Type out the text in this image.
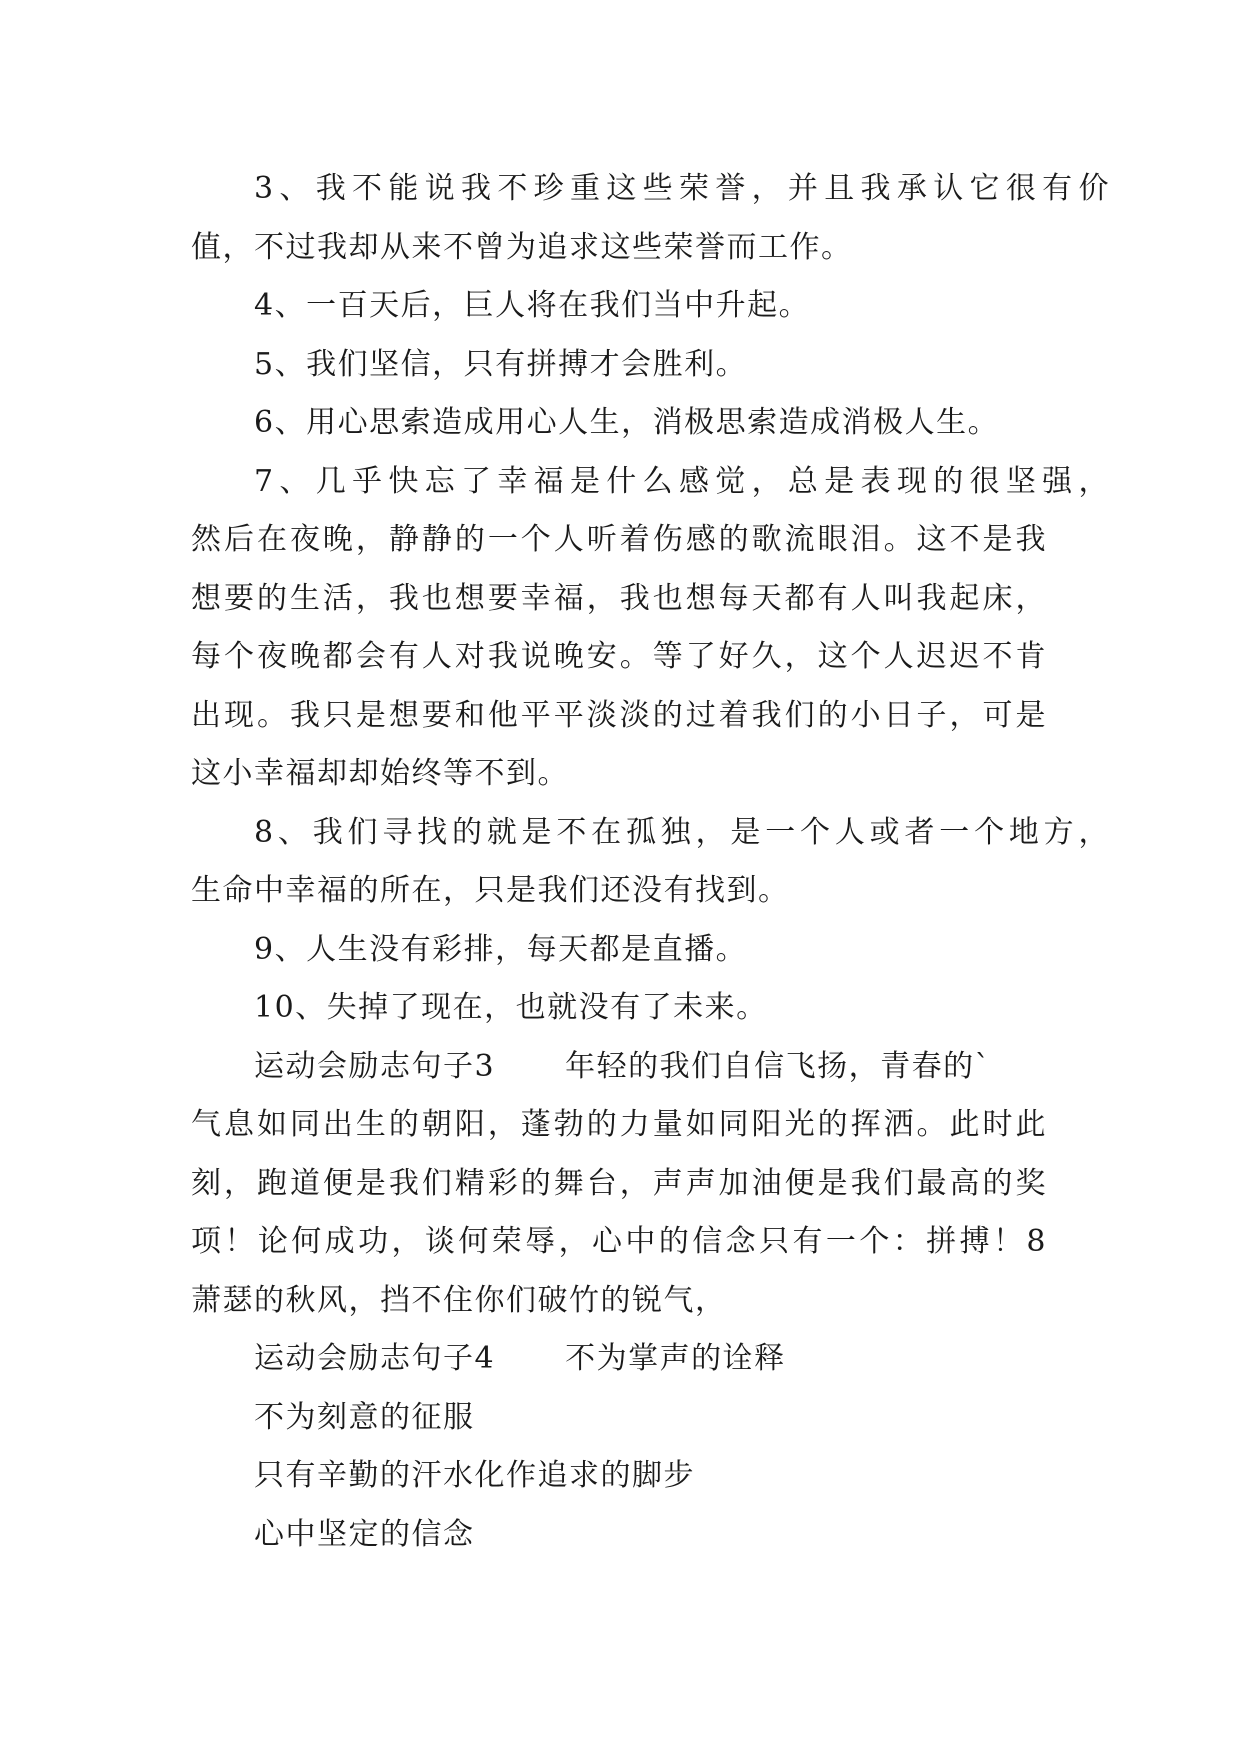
3、我不能说我不珍重这些荣誉，并且我承认它很有价
值，不过我却从来不曾为追求这些荣誉而工作。
4、一百天后，巨人将在我们当中升起。
5、我们坚信，只有拼搏才会胜利。
6、用心思索造成用心人生，消极思索造成消极人生。
7、几乎快忘了幸福是什么感觉，总是表现的很坚强，
然后在夜晚，静静的一个人听着伤感的歌流眼泪。这不是我
想要的生活，我也想要幸福，我也想每天都有人叫我起床，
每个夜晚都会有人对我说晚安。等了好久，这个人迟迟不肯
出现。我只是想要和他平平淡淡的过着我们的小日子，可是
这小幸福却却始终等不到。
8、我们寻找的就是不在孤独，是一个人或者一个地方，
生命中幸福的所在，只是我们还没有找到。
9、人生没有彩排，每天都是直播。
10、失掉了现在，也就没有了未来。
运动会励志句子3 年轻的我们自信飞扬，青春的`
气息如同出生的朝阳，蓬勃的力量如同阳光的挥洒。此时此
刻，跑道便是我们精彩的舞台，声声加油便是我们最高的奖
项！论何成功，谈何荣辱，心中的信念只有一个：拼搏！8
萧瑟的秋风，挡不住你们破竹的锐气，
运动会励志句子4 不为掌声的诠释
不为刻意的征服
只有辛勤的汗水化作追求的脚步
心中坚定的信念
